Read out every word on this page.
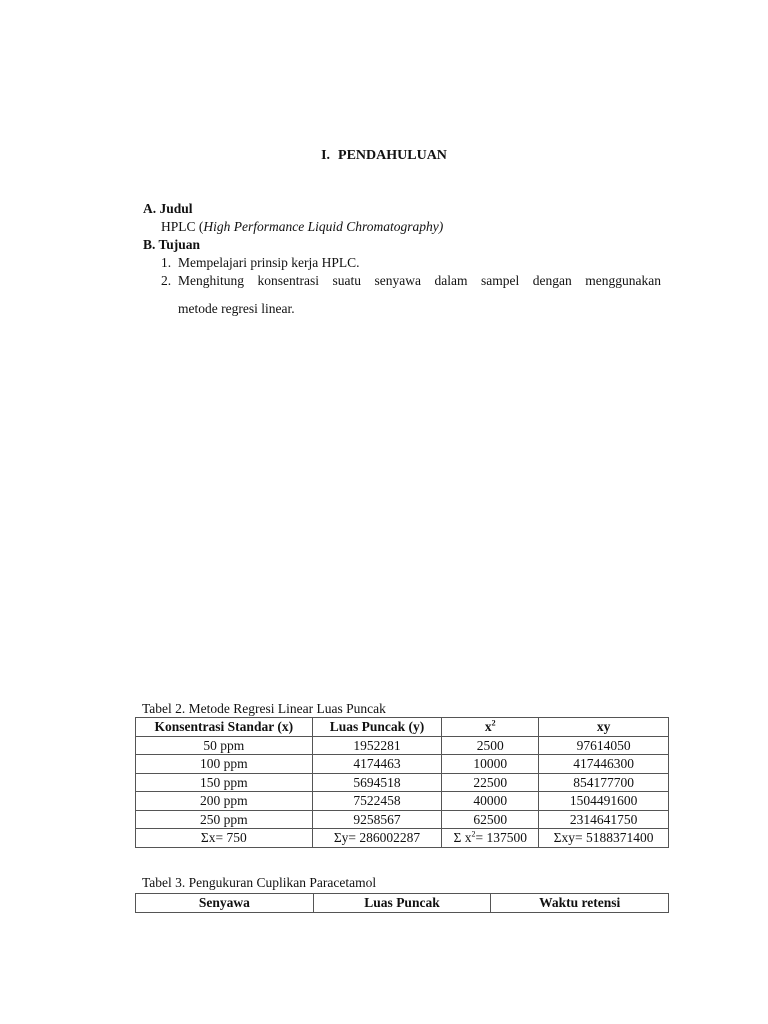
I. PENDAHULUAN
A. Judul
HPLC (High Performance Liquid Chromatography)
B. Tujuan
1. Mempelajari prinsip kerja HPLC.
2. Menghitung konsentrasi suatu senyawa dalam sampel dengan menggunakan
metode regresi linear.
Tabel 2. Metode Regresi Linear Luas Puncak
Konsentrasi Standar (x)	Luas Puncak (y)	$x^2$	xy
50 ppm	1952281	2500	97614050
100 ppm	4174463	10000	417446300
150 ppm	5694518	22500	854177700
200 ppm	7522458	40000	1504491600
250 ppm	9258567	62500	2314641750
Σx= 750	Σy= 286002287	Σ $x^2= 137500$	Σxy= 5188371400
Tabel 3. Pengukuran Cuplikan Paracetamol
Senyawa	Luas Puncak	Waktu retensi
